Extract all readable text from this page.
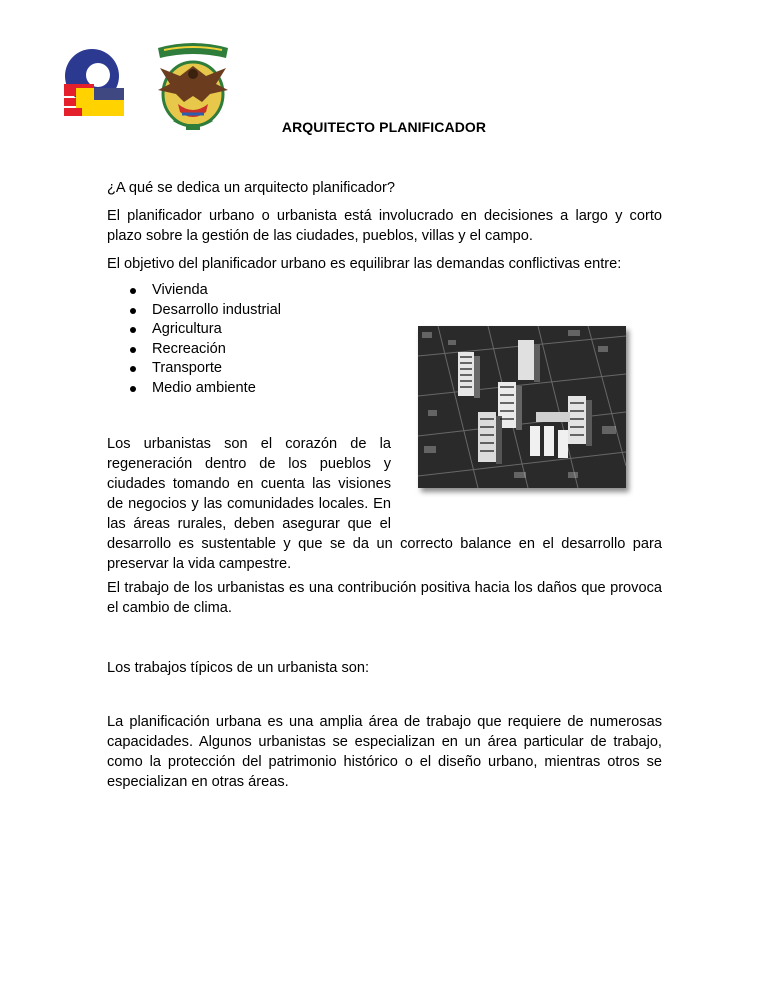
ARQUITECTO PLANIFICADOR

¿A qué se dedica un arquitecto planificador?

El planificador urbano o urbanista está involucrado en decisiones a largo y corto plazo sobre la gestión de las ciudades, pueblos, villas y el campo.

El objetivo del planificador urbano es equilibrar las demandas conflictivas entre:

Vivienda
Desarrollo industrial
Agricultura
Recreación
Transporte
Medio ambiente
Los urbanistas son el corazón de la
regeneración dentro de los pueblos y
ciudades tomando en cuenta las visiones
de negocios y las comunidades locales. En
las áreas rurales, deben asegurar que el
desarrollo es sustentable y que se da un correcto balance en el desarrollo para
preservar la vida campestre.

El trabajo de los urbanistas es una contribución positiva hacia los daños que provoca el cambio de clima.

Los trabajos típicos de un urbanista son:

La planificación urbana es una amplia área de trabajo que requiere de numerosas capacidades. Algunos urbanistas se especializan en un área particular de trabajo, como la protección del patrimonio histórico o el diseño urbano, mientras otros se especializan en otras áreas.
